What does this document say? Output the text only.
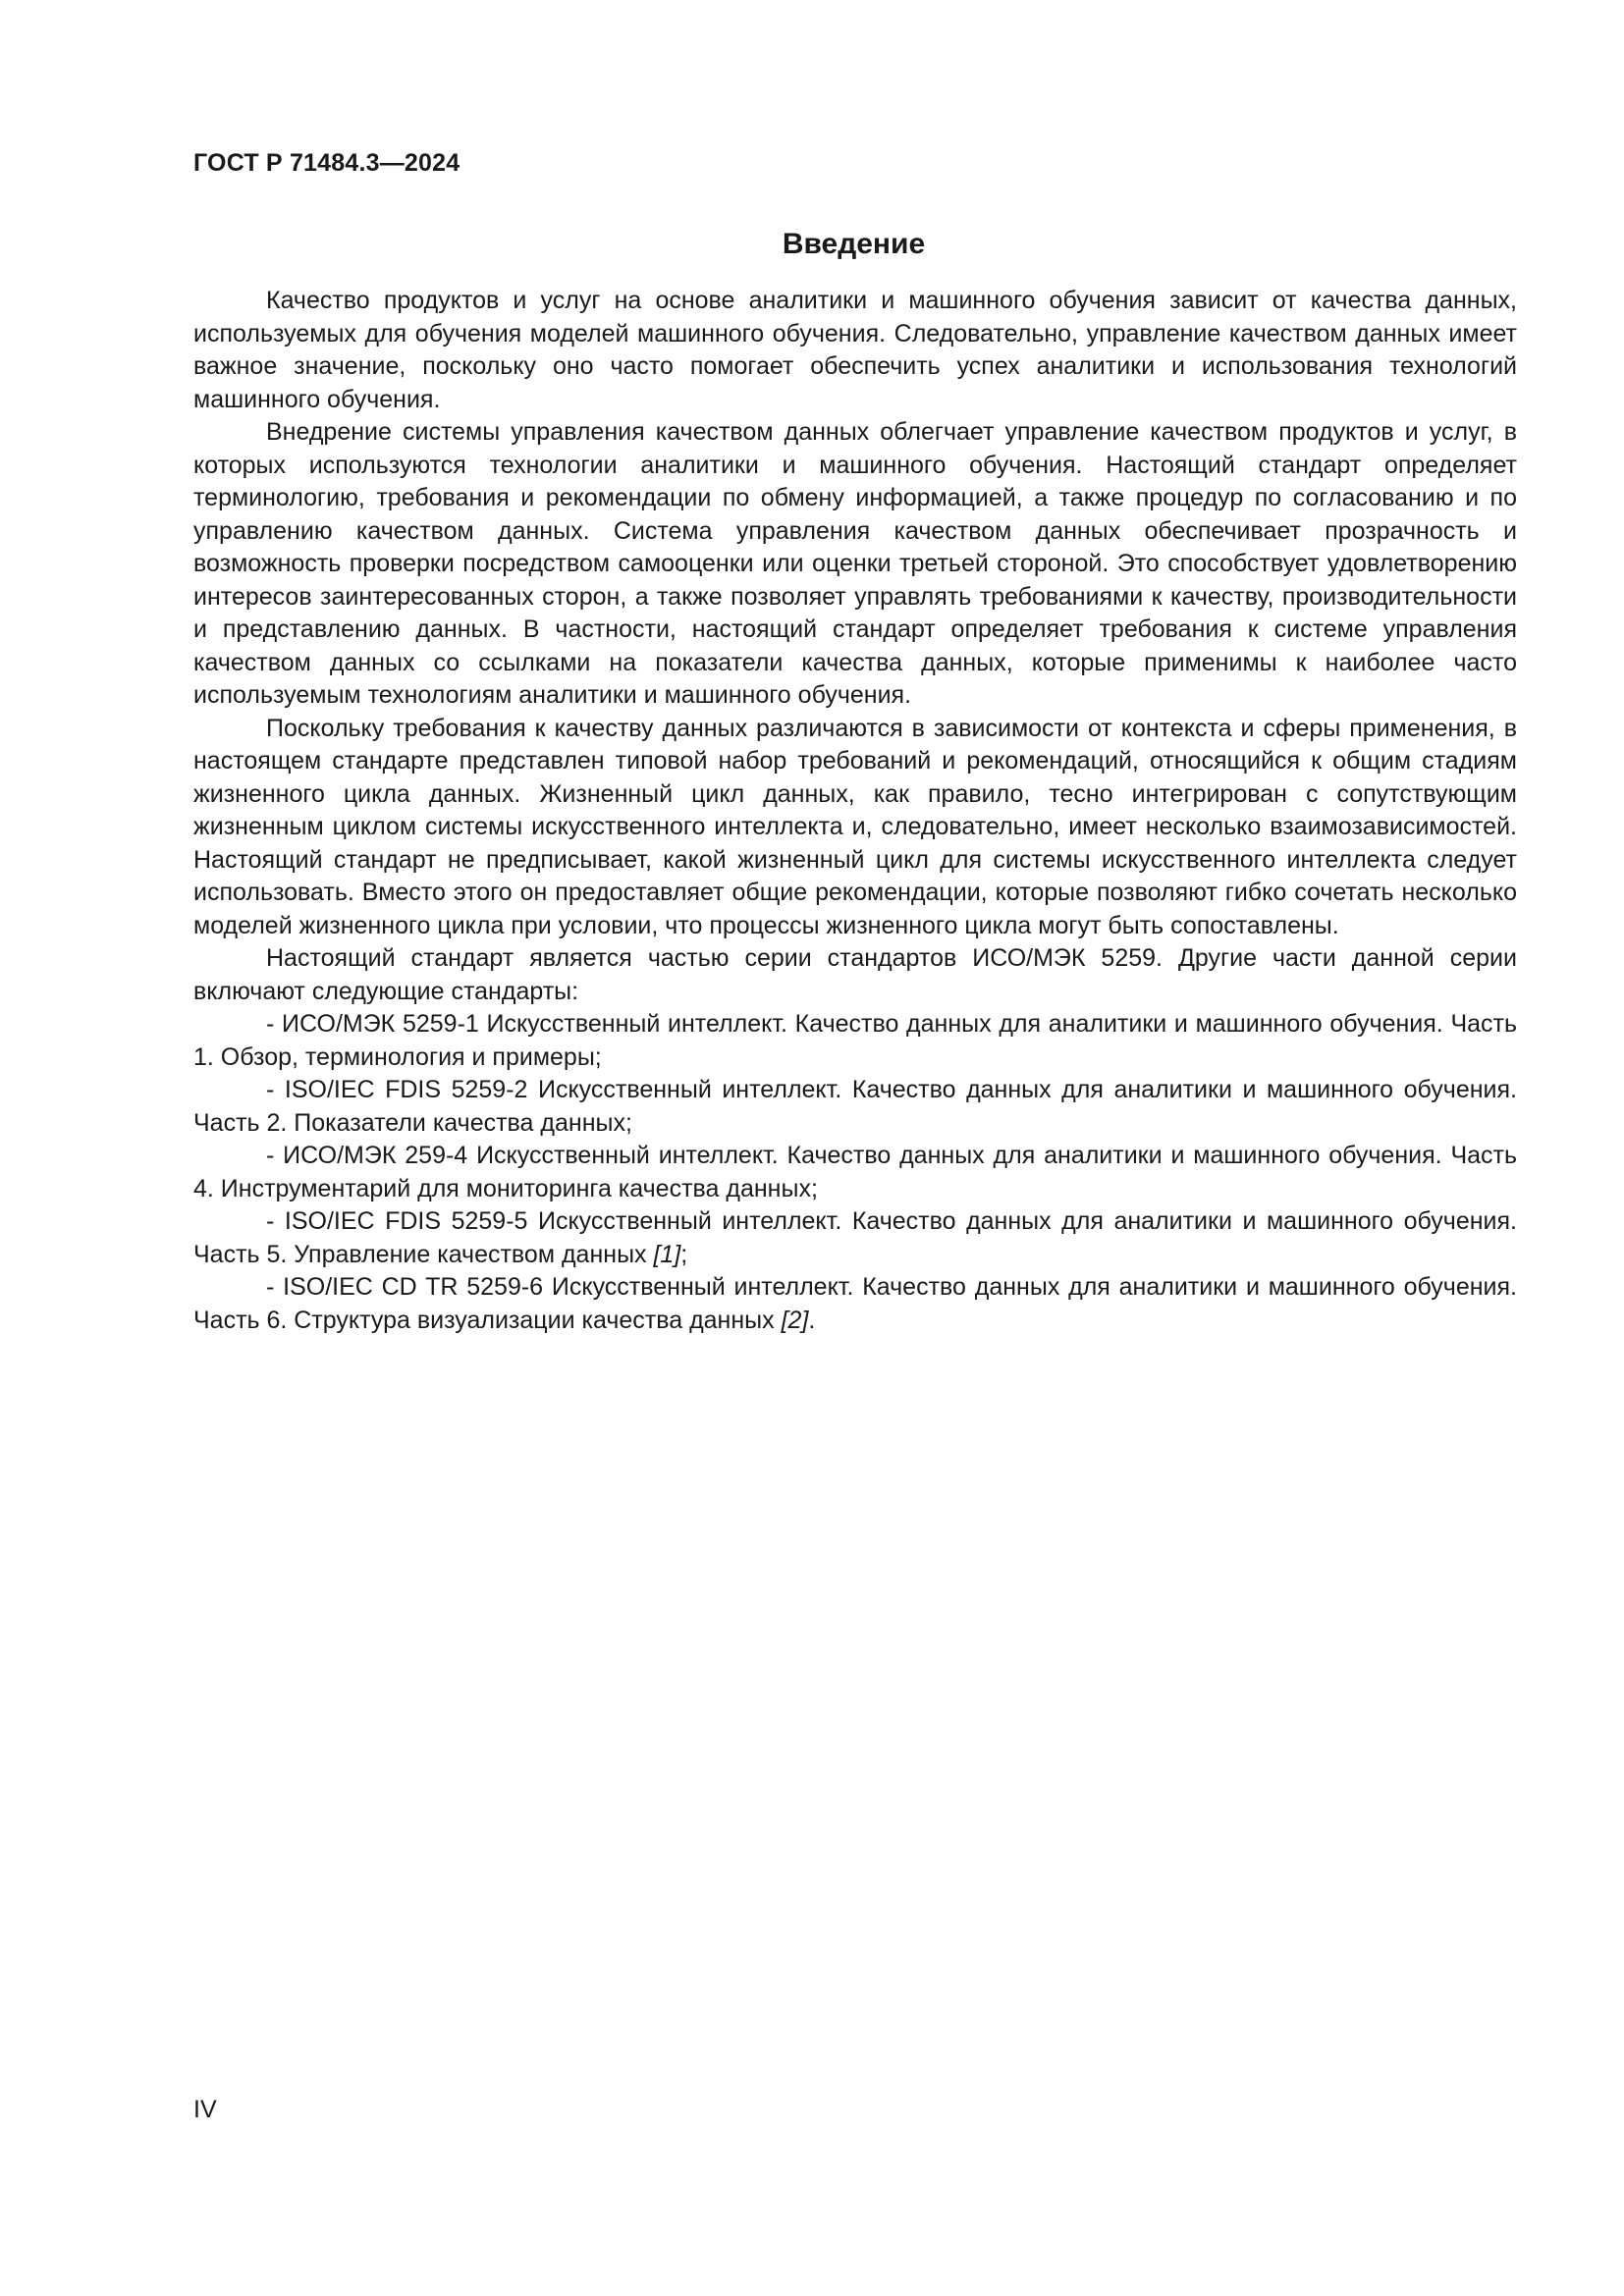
ГОСТ Р 71484.3—2024
Введение

Качество продуктов и услуг на основе аналитики и машинного обучения зависит от качества данных, используемых для обучения моделей машинного обучения. Следовательно, управление качеством данных имеет важное значение, поскольку оно часто помогает обеспечить успех аналитики и использования технологий машинного обучения.

Внедрение системы управления качеством данных облегчает управление качеством продуктов и услуг, в которых используются технологии аналитики и машинного обучения. Настоящий стандарт определяет терминологию, требования и рекомендации по обмену информацией, а также процедур по согласованию и по управлению качеством данных. Система управления качеством данных обеспечивает прозрачность и возможность проверки посредством самооценки или оценки третьей стороной. Это способствует удовлетворению интересов заинтересованных сторон, а также позволяет управлять требованиями к качеству, производительности и представлению данных. В частности, настоящий стандарт определяет требования к системе управления качеством данных со ссылками на показатели качества данных, которые применимы к наиболее часто используемым технологиям аналитики и машинного обучения.

Поскольку требования к качеству данных различаются в зависимости от контекста и сферы применения, в настоящем стандарте представлен типовой набор требований и рекомендаций, относящийся к общим стадиям жизненного цикла данных. Жизненный цикл данных, как правило, тесно интегрирован с сопутствующим жизненным циклом системы искусственного интеллекта и, следовательно, имеет несколько взаимозависимостей. Настоящий стандарт не предписывает, какой жизненный цикл для системы искусственного интеллекта следует использовать. Вместо этого он предоставляет общие рекомендации, которые позволяют гибко сочетать несколько моделей жизненного цикла при условии, что процессы жизненного цикла могут быть сопоставлены.

Настоящий стандарт является частью серии стандартов ИСО/МЭК 5259. Другие части данной серии включают следующие стандарты:

- ИСО/МЭК 5259-1 Искусственный интеллект. Качество данных для аналитики и машинного обучения. Часть 1. Обзор, терминология и примеры;

- ISO/IEC FDIS 5259-2 Искусственный интеллект. Качество данных для аналитики и машинного обучения. Часть 2. Показатели качества данных;

- ИСО/МЭК 259-4 Искусственный интеллект. Качество данных для аналитики и машинного обучения. Часть 4. Инструментарий для мониторинга качества данных;

- ISO/IEC FDIS 5259-5 Искусственный интеллект. Качество данных для аналитики и машинного обучения. Часть 5. Управление качеством данных [1];

- ISO/IEC CD TR 5259-6 Искусственный интеллект. Качество данных для аналитики и машинного обучения. Часть 6. Структура визуализации качества данных [2].

IV
